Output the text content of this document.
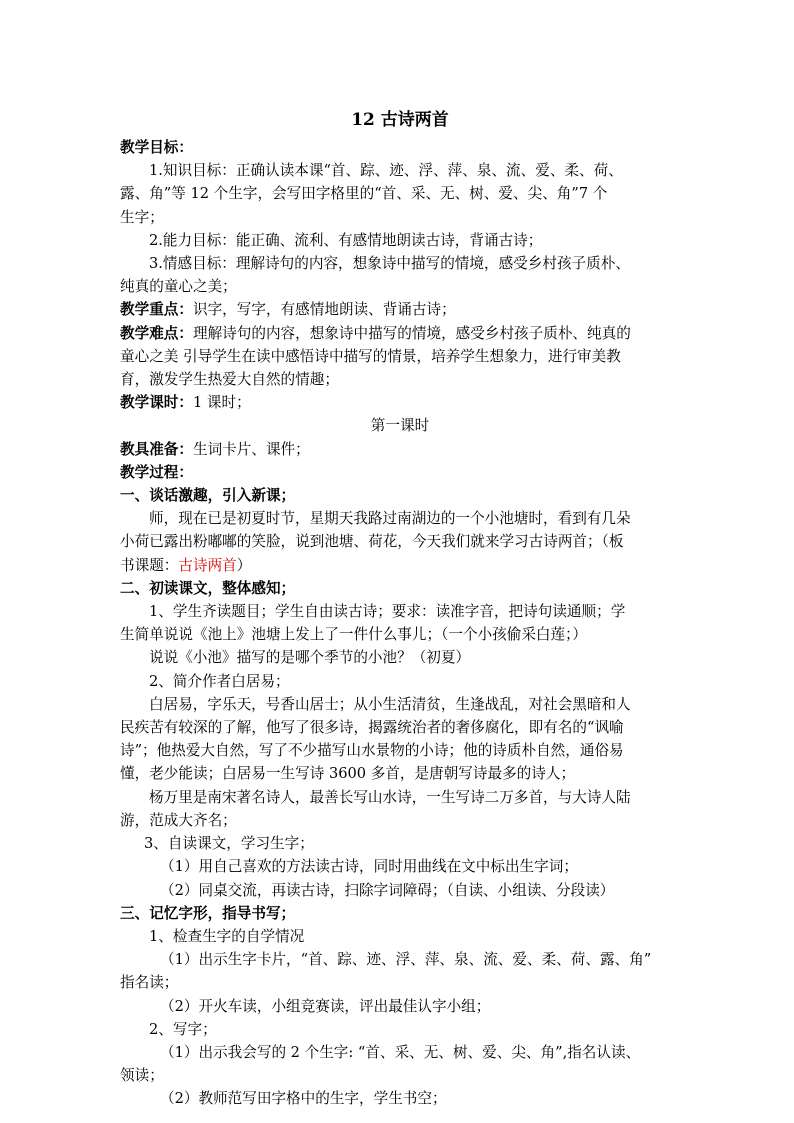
12 古诗两首
教学目标：
1.知识目标：正确认读本课“首、踪、迹、浮、萍、泉、流、爱、柔、荷、
露、角”等 12 个生字，会写田字格里的“首、采、无、树、爱、尖、角”7 个
生字；
2.能力目标：能正确、流利、有感情地朗读古诗，背诵古诗；
3.情感目标：理解诗句的内容，想象诗中描写的情境，感受乡村孩子质朴、
纯真的童心之美；
教学重点：识字，写字，有感情地朗读、背诵古诗；
教学难点：理解诗句的内容，想象诗中描写的情境，感受乡村孩子质朴、纯真的
童心之美 引导学生在读中感悟诗中描写的情景，培养学生想象力，进行审美教
育，激发学生热爱大自然的情趣；
教学课时：1 课时；
第一课时
教具准备：生词卡片、课件；
教学过程：
一、谈话激趣，引入新课；
师，现在已是初夏时节，星期天我路过南湖边的一个小池塘时，看到有几朵
小荷已露出粉嘟嘟的笑脸，说到池塘、荷花，今天我们就来学习古诗两首；（板
书课题：古诗两首）
二、初读课文，整体感知；
1、学生齐读题目；学生自由读古诗；要求：读准字音，把诗句读通顺；学
生简单说说《池上》池塘上发上了一件什么事儿；（一个小孩偷采白莲；）
说说《小池》描写的是哪个季节的小池？（初夏）
2、简介作者白居易；
白居易，字乐天，号香山居士；从小生活清贫，生逢战乱，对社会黑暗和人
民疾苦有较深的了解，他写了很多诗，揭露统治者的奢侈腐化，即有名的“讽喻
诗”；他热爱大自然，写了不少描写山水景物的小诗；他的诗质朴自然，通俗易
懂，老少能读；白居易一生写诗 3600 多首，是唐朝写诗最多的诗人；
杨万里是南宋著名诗人，最善长写山水诗，一生写诗二万多首，与大诗人陆
游，范成大齐名；
3、自读课文，学习生字；
（1）用自己喜欢的方法读古诗，同时用曲线在文中标出生字词；
（2）同桌交流，再读古诗，扫除字词障碍；（自读、小组读、分段读）
三、记忆字形，指导书写；
1、检查生字的自学情况
（1）出示生字卡片，“首、踪、迹、浮、萍、泉、流、爱、柔、荷、露、角”
指名读；
（2）开火车读，小组竞赛读，评出最佳认字小组；
2、写字；
（1）出示我会写的 2 个生字: “首、采、无、树、爱、尖、角”,指名认读、
领读；
（2）教师范写田字格中的生字，学生书空；
